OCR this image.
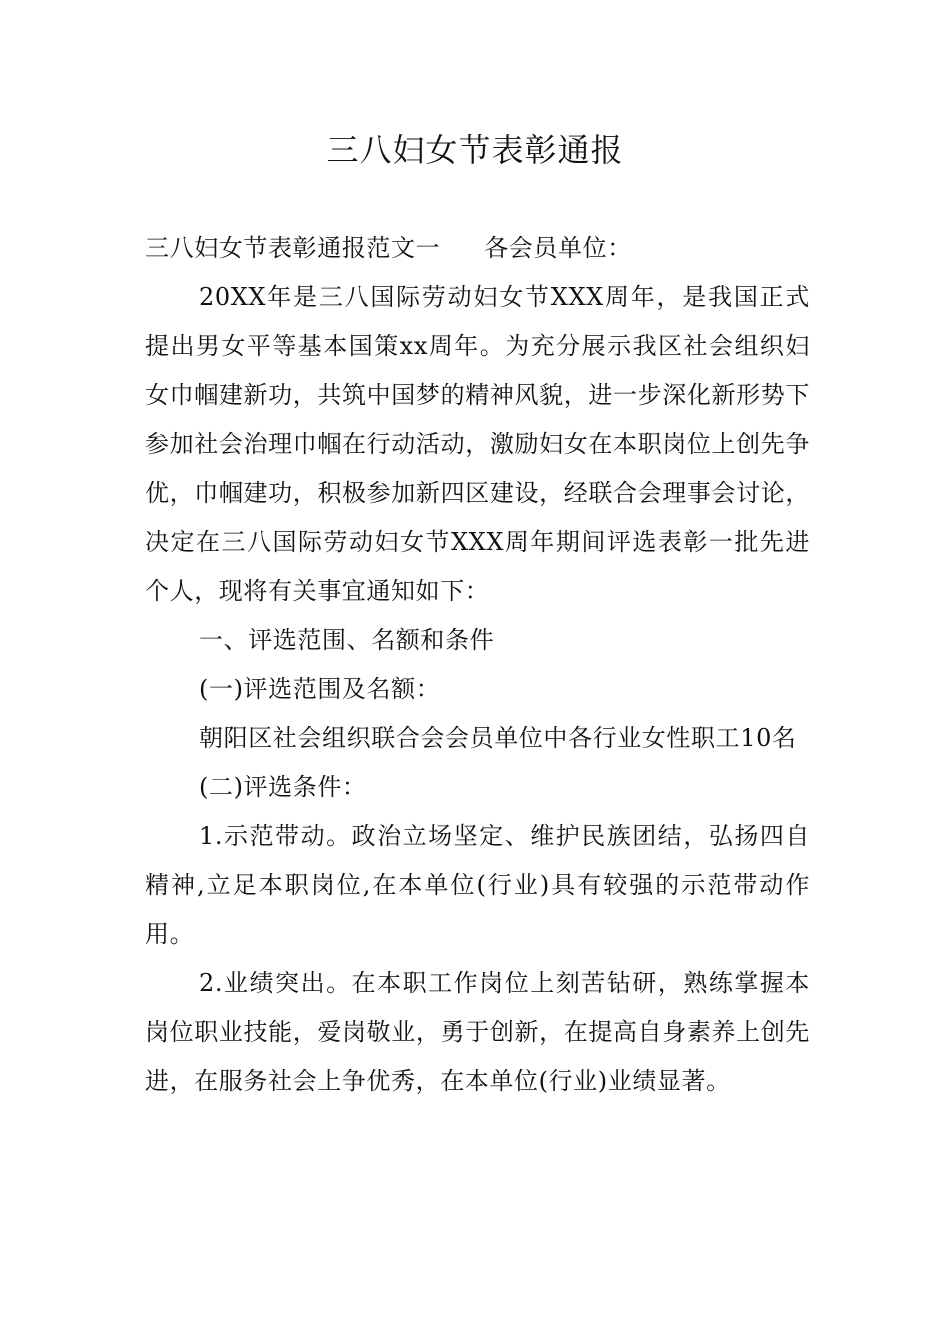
三八妇女节表彰通报

三八妇女节表彰通报范文一 各会员单位：

20XX年是三八国际劳动妇女节XXX周年，是我国正式提出男女平等基本国策xx周年。为充分展示我区社会组织妇女巾帼建新功，共筑中国梦的精神风貌，进一步深化新形势下参加社会治理巾帼在行动活动，激励妇女在本职岗位上创先争优，巾帼建功，积极参加新四区建设，经联合会理事会讨论，决定在三八国际劳动妇女节XXX周年期间评选表彰一批先进个人，现将有关事宜通知如下：

一、评选范围、名额和条件

(一)评选范围及名额：

朝阳区社会组织联合会会员单位中各行业女性职工10名

(二)评选条件：

1.示范带动。政治立场坚定、维护民族团结，弘扬四自精神,立足本职岗位,在本单位(行业)具有较强的示范带动作用。

2.业绩突出。在本职工作岗位上刻苦钻研，熟练掌握本岗位职业技能，爱岗敬业，勇于创新，在提高自身素养上创先进，在服务社会上争优秀，在本单位(行业)业绩显著。
